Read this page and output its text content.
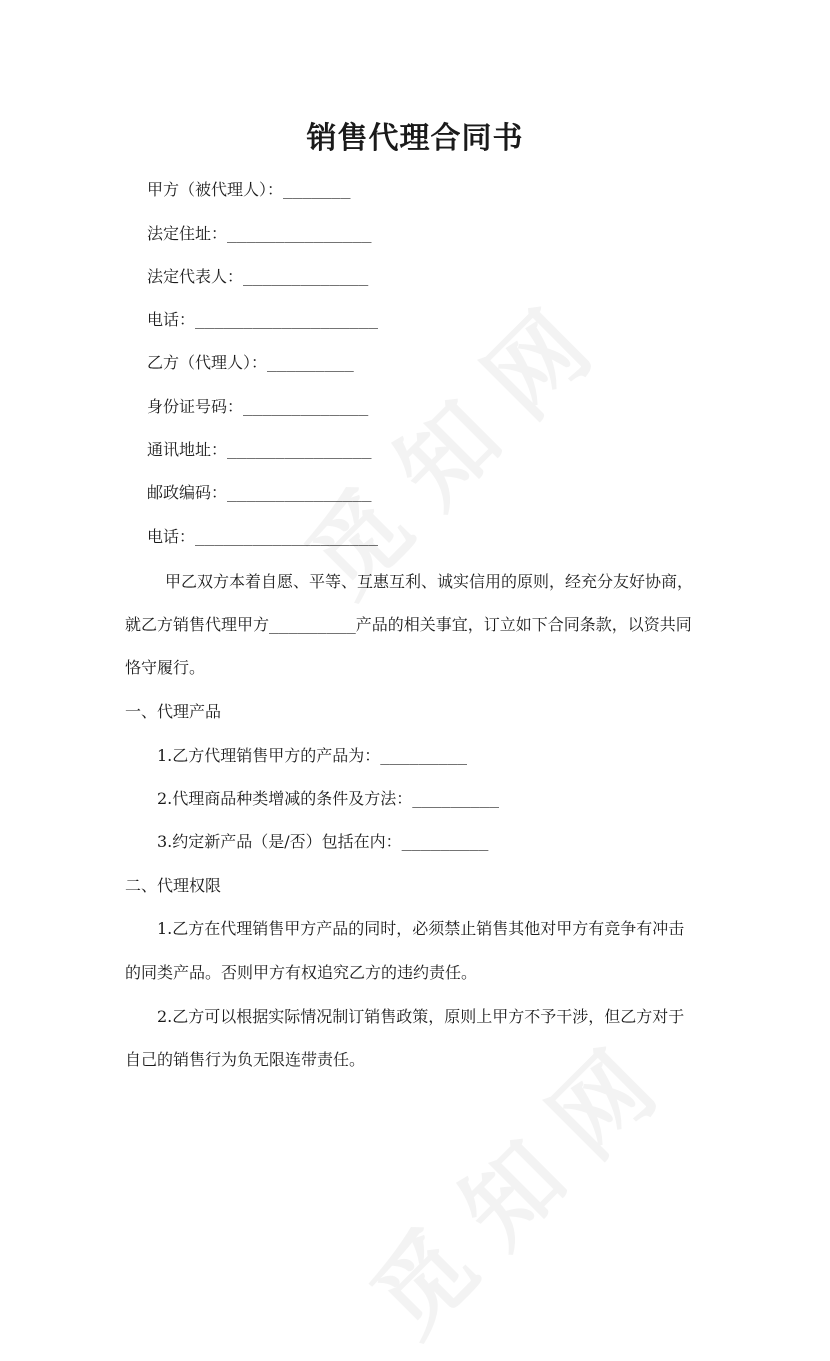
销售代理合同书
甲方（被代理人）：_______
法定住址：_______________
法定代表人：_____________
电话：___________________
乙方（代理人）：_________
身份证号码：_____________
通讯地址：_______________
邮政编码：_______________
电话：___________________
甲乙双方本着自愿、平等、互惠互利、诚实信用的原则，经充分友好协商，
就乙方销售代理甲方_________产品的相关事宜，订立如下合同条款，以资共同
恪守履行。
一、代理产品
1.乙方代理销售甲方的产品为：_________
2.代理商品种类增减的条件及方法：_________
3.约定新产品（是/否）包括在内：_________
二、代理权限
1.乙方在代理销售甲方产品的同时，必须禁止销售其他对甲方有竞争有冲击
的同类产品。否则甲方有权追究乙方的违约责任。
2.乙方可以根据实际情况制订销售政策，原则上甲方不予干涉，但乙方对于
自己的销售行为负无限连带责任。
